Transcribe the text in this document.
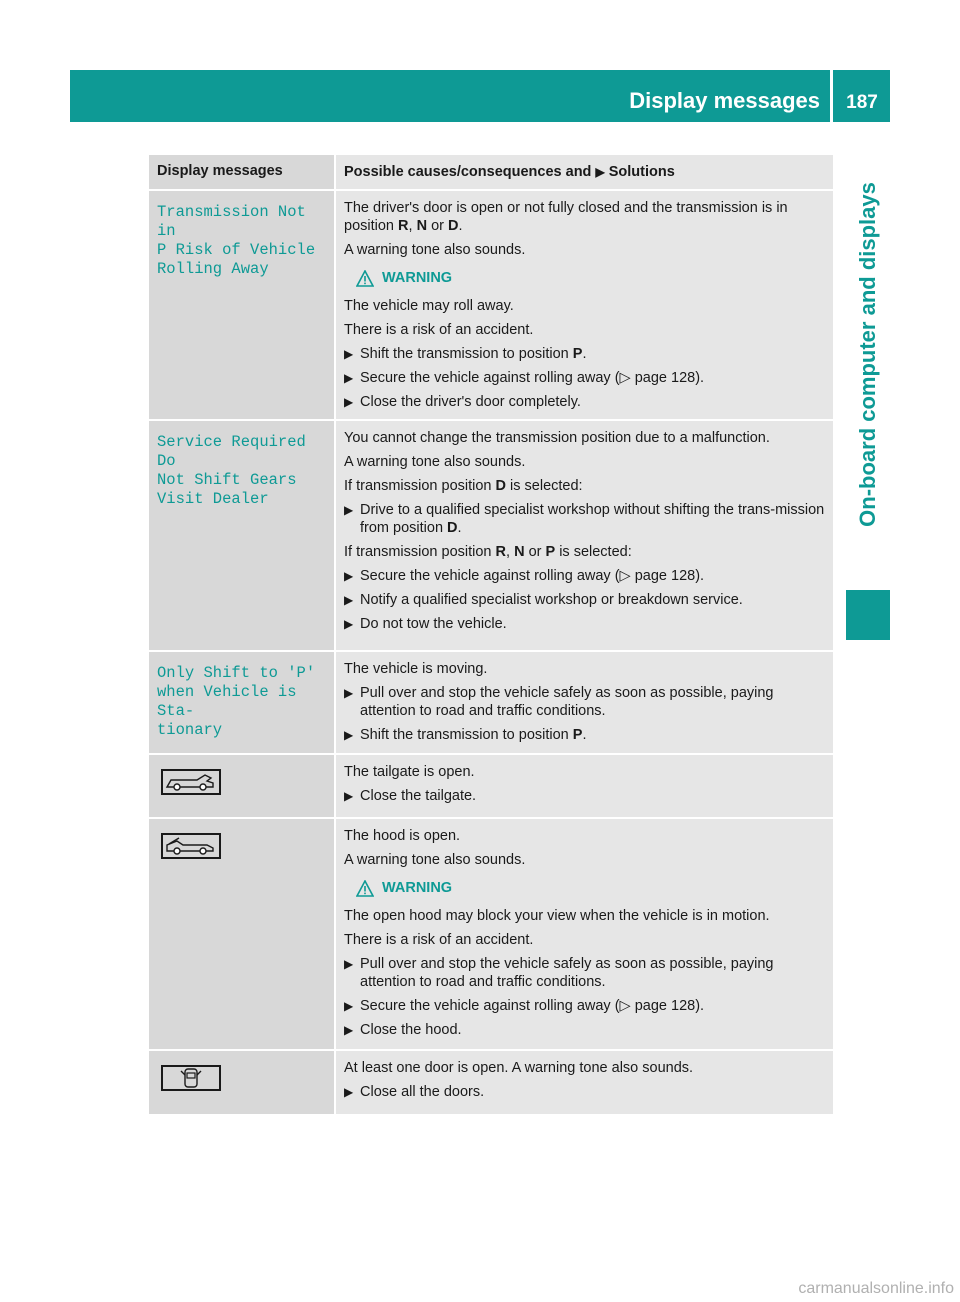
Display messages	187
On-board computer and displays
Display messages	Possible causes/consequences and ▶ Solutions
Transmission Not in
P Risk of Vehicle
Rolling Away

The driver's door is open or not fully closed and the transmission is in position R, N or D.

A warning tone also sounds.

WARNING

The vehicle may roll away.

There is a risk of an accident.

▶ Shift the transmission to position P.
▶ Secure the vehicle against rolling away (▷ page 128).
▶ Close the driver's door completely.
Service Required Do
Not Shift Gears
Visit Dealer

You cannot change the transmission position due to a malfunction.

A warning tone also sounds.

If transmission position D is selected:

▶ Drive to a qualified specialist workshop without shifting the trans-mission from position D.

If transmission position R, N or P is selected:

▶ Secure the vehicle against rolling away (▷ page 128).
▶ Notify a qualified specialist workshop or breakdown service.
▶ Do not tow the vehicle.
Only Shift to 'P'
when Vehicle is Sta‐
tionary

The vehicle is moving.

▶ Pull over and stop the vehicle safely as soon as possible, paying attention to road and traffic conditions.
▶ Shift the transmission to position P.

The tailgate is open.

▶ Close the tailgate.

The hood is open.

A warning tone also sounds.

WARNING

The open hood may block your view when the vehicle is in motion.

There is a risk of an accident.

▶ Pull over and stop the vehicle safely as soon as possible, paying attention to road and traffic conditions.
▶ Secure the vehicle against rolling away (▷ page 128).
▶ Close the hood.

At least one door is open. A warning tone also sounds.

▶ Close all the doors.
carmanualsonline.info
